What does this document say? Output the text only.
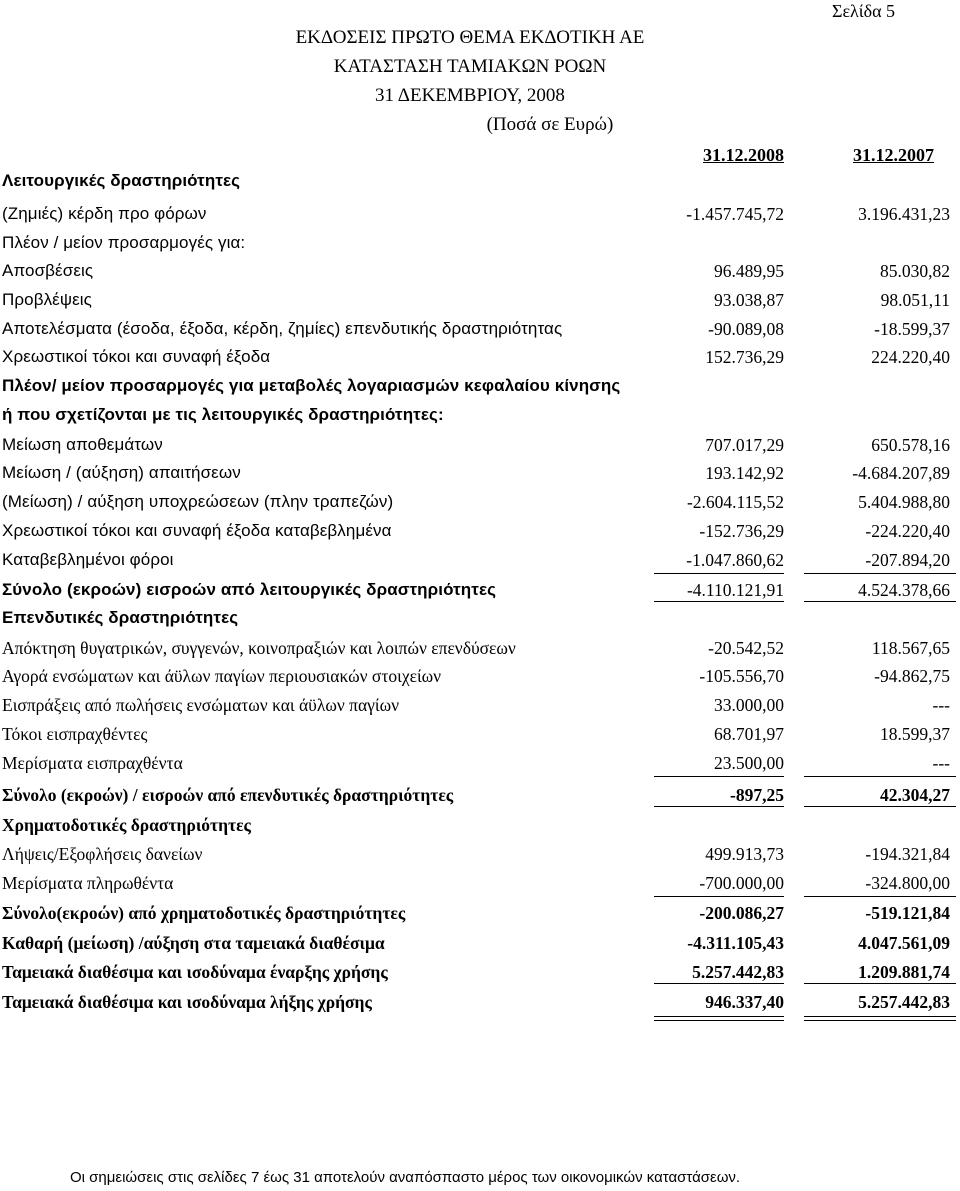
Σελίδα 5
ΕΚΔΟΣΕΙΣ ΠΡΩΤΟ ΘΕΜΑ ΕΚΔΟΤΙΚΗ ΑΕ
ΚΑΤΑΣΤΑΣΗ ΤΑΜΙΑΚΩΝ ΡΟΩΝ
31 ΔΕΚΕΜΒΡΙΟΥ, 2008
(Ποσά σε Ευρώ)
31.12.2008	31.12.2007
Λειτουργικές δραστηριότητες
(Ζημιές) κέρδη προ φόρων	-1.457.745,72	3.196.431,23
Πλέον / μείον προσαρμογές για:
Αποσβέσεις	96.489,95	85.030,82
Προβλέψεις	93.038,87	98.051,11
Αποτελέσματα (έσοδα, έξοδα, κέρδη, ζημίες) επενδυτικής δραστηριότητας	-90.089,08	-18.599,37
Χρεωστικοί τόκοι και συναφή έξοδα	152.736,29	224.220,40
Πλέον/ μείον προσαρμογές για μεταβολές λογαριασμών κεφαλαίου κίνησης
ή που σχετίζονται με τις λειτουργικές δραστηριότητες:
Μείωση αποθεμάτων	707.017,29	650.578,16
Μείωση / (αύξηση) απαιτήσεων	193.142,92	-4.684.207,89
(Μείωση) / αύξηση υποχρεώσεων (πλην τραπεζών)	-2.604.115,52	5.404.988,80
Χρεωστικοί τόκοι και συναφή έξοδα καταβεβλημένα	-152.736,29	-224.220,40
Καταβεβλημένοι φόροι	-1.047.860,62	-207.894,20
Σύνολο (εκροών) εισροών από λειτουργικές δραστηριότητες	-4.110.121,91	4.524.378,66
Επενδυτικές δραστηριότητες
Απόκτηση θυγατρικών, συγγενών, κοινοπραξιών και λοιπών επενδύσεων	-20.542,52	118.567,65
Αγορά ενσώματων και άϋλων παγίων περιουσιακών στοιχείων	-105.556,70	-94.862,75
Εισπράξεις από πωλήσεις ενσώματων και άϋλων παγίων	33.000,00	---
Τόκοι εισπραχθέντες	68.701,97	18.599,37
Μερίσματα εισπραχθέντα	23.500,00	---
Σύνολο (εκροών) / εισροών από επενδυτικές δραστηριότητες	-897,25	42.304,27
Χρηματοδοτικές δραστηριότητες
Λήψεις/Εξοφλήσεις δανείων	499.913,73	-194.321,84
Μερίσματα πληρωθέντα	-700.000,00	-324.800,00
Σύνολο(εκροών) από χρηματοδοτικές δραστηριότητες	-200.086,27	-519.121,84
Καθαρή (μείωση) /αύξηση στα ταμειακά διαθέσιμα	-4.311.105,43	4.047.561,09
Ταμειακά διαθέσιμα και ισοδύναμα έναρξης χρήσης	5.257.442,83	1.209.881,74
Ταμειακά διαθέσιμα και ισοδύναμα λήξης χρήσης	946.337,40	5.257.442,83
Οι σημειώσεις στις σελίδες 7 έως 31 αποτελούν αναπόσπαστο μέρος των οικονομικών καταστάσεων.
